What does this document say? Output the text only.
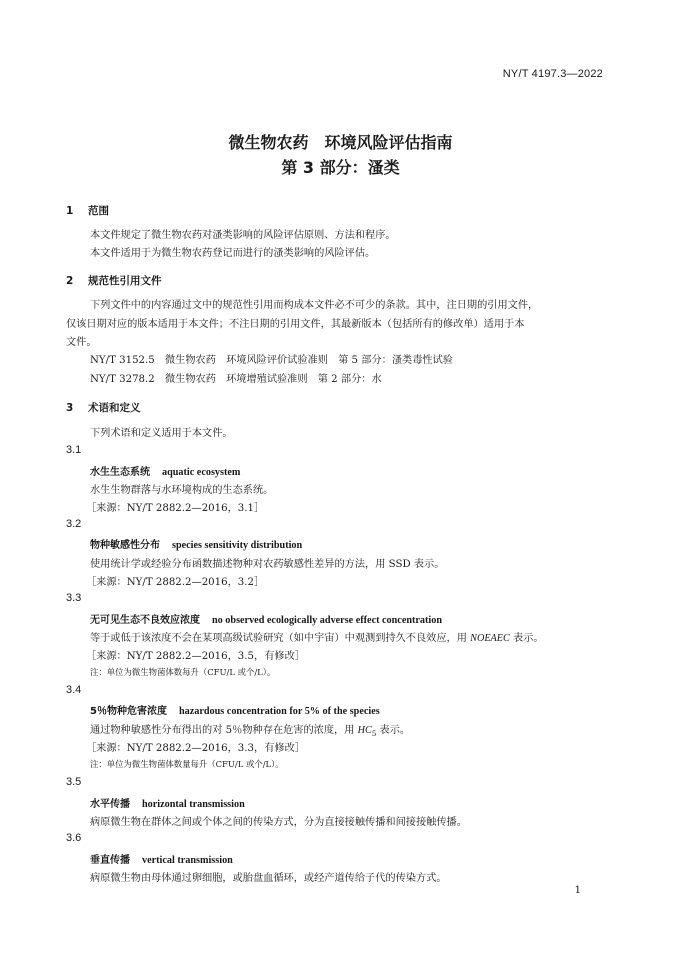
NY/T 4197.3—2022
微生物农药　环境风险评估指南
第 3 部分：溞类
1 范围
本文件规定了微生物农药对溞类影响的风险评估原则、方法和程序。
本文件适用于为微生物农药登记而进行的溞类影响的风险评估。
2 规范性引用文件
下列文件中的内容通过文中的规范性引用而构成本文件必不可少的条款。其中，注日期的引用文件，
仅该日期对应的版本适用于本文件；不注日期的引用文件，其最新版本（包括所有的修改单）适用于本
文件。
NY/T 3152.5　微生物农药　环境风险评价试验准则　第 5 部分：溞类毒性试验
NY/T 3278.2　微生物农药　环境增殖试验准则　第 2 部分：水
3 术语和定义
下列术语和定义适用于本文件。
3.1
水生生态系统 aquatic ecosystem
水生生物群落与水环境构成的生态系统。
［来源：NY/T 2882.2—2016，3.1］
3.2
物种敏感性分布 species sensitivity distribution
使用统计学或经验分布函数描述物种对农药敏感性差异的方法，用 SSD 表示。
［来源：NY/T 2882.2—2016，3.2］
3.3
无可见生态不良效应浓度 no observed ecologically adverse effect concentration
等于或低于该浓度不会在某项高级试验研究（如中宇宙）中观测到持久不良效应，用 NOEAEC 表示。
［来源：NY/T 2882.2—2016，3.5，有修改］
注：单位为微生物菌体数每升（CFU/L 或个/L）。
3.4
5％物种危害浓度 hazardous concentration for 5% of the species
通过物种敏感性分布得出的对 5％物种存在危害的浓度，用 $HC_5$ 表示。
［来源：NY/T 2882.2—2016，3.3，有修改］
注：单位为微生物菌体数量每升（CFU/L 或个/L）。
3.5
水平传播 horizontal transmission
病原微生物在群体之间或个体之间的传染方式，分为直接接触传播和间接接触传播。
3.6
垂直传播 vertical transmission
病原微生物由母体通过卵细胞，或胎盘血循环，或经产道传给子代的传染方式。
1
